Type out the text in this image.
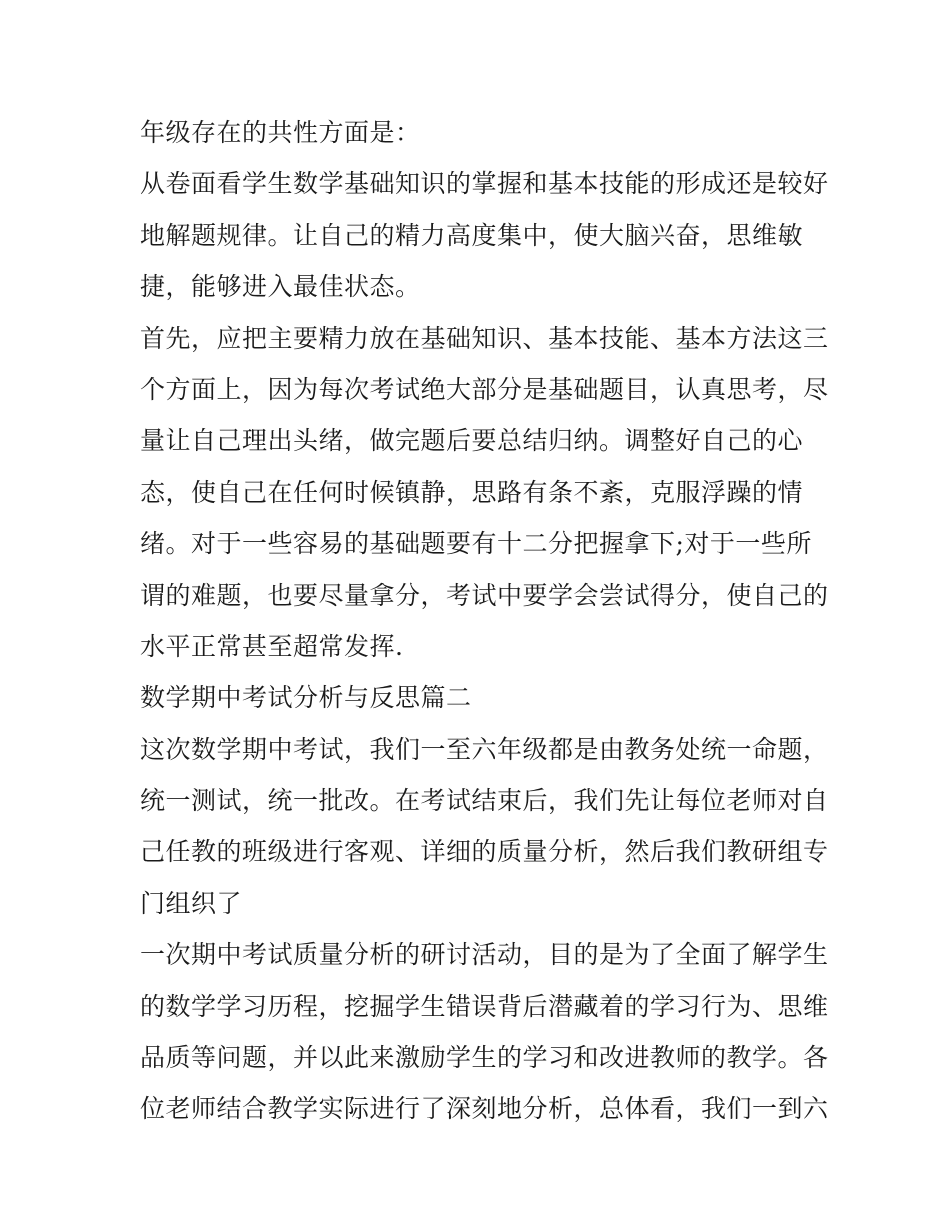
年级存在的共性方面是：
从卷面看学生数学基础知识的掌握和基本技能的形成还是较好
地解题规律。让自己的精力高度集中，使大脑兴奋，思维敏
捷，能够进入最佳状态。
首先，应把主要精力放在基础知识、基本技能、基本方法这三
个方面上，因为每次考试绝大部分是基础题目，认真思考，尽
量让自己理出头绪，做完题后要总结归纳。调整好自己的心
态，使自己在任何时候镇静，思路有条不紊，克服浮躁的情
绪。对于一些容易的基础题要有十二分把握拿下;对于一些所
谓的难题，也要尽量拿分，考试中要学会尝试得分，使自己的
水平正常甚至超常发挥.
数学期中考试分析与反思篇二
这次数学期中考试，我们一至六年级都是由教务处统一命题，
统一测试，统一批改。在考试结束后，我们先让每位老师对自
己任教的班级进行客观、详细的质量分析，然后我们教研组专
门组织了
一次期中考试质量分析的研讨活动，目的是为了全面了解学生
的数学学习历程，挖掘学生错误背后潜藏着的学习行为、思维
品质等问题，并以此来激励学生的学习和改进教师的教学。各
位老师结合教学实际进行了深刻地分析，总体看，我们一到六
